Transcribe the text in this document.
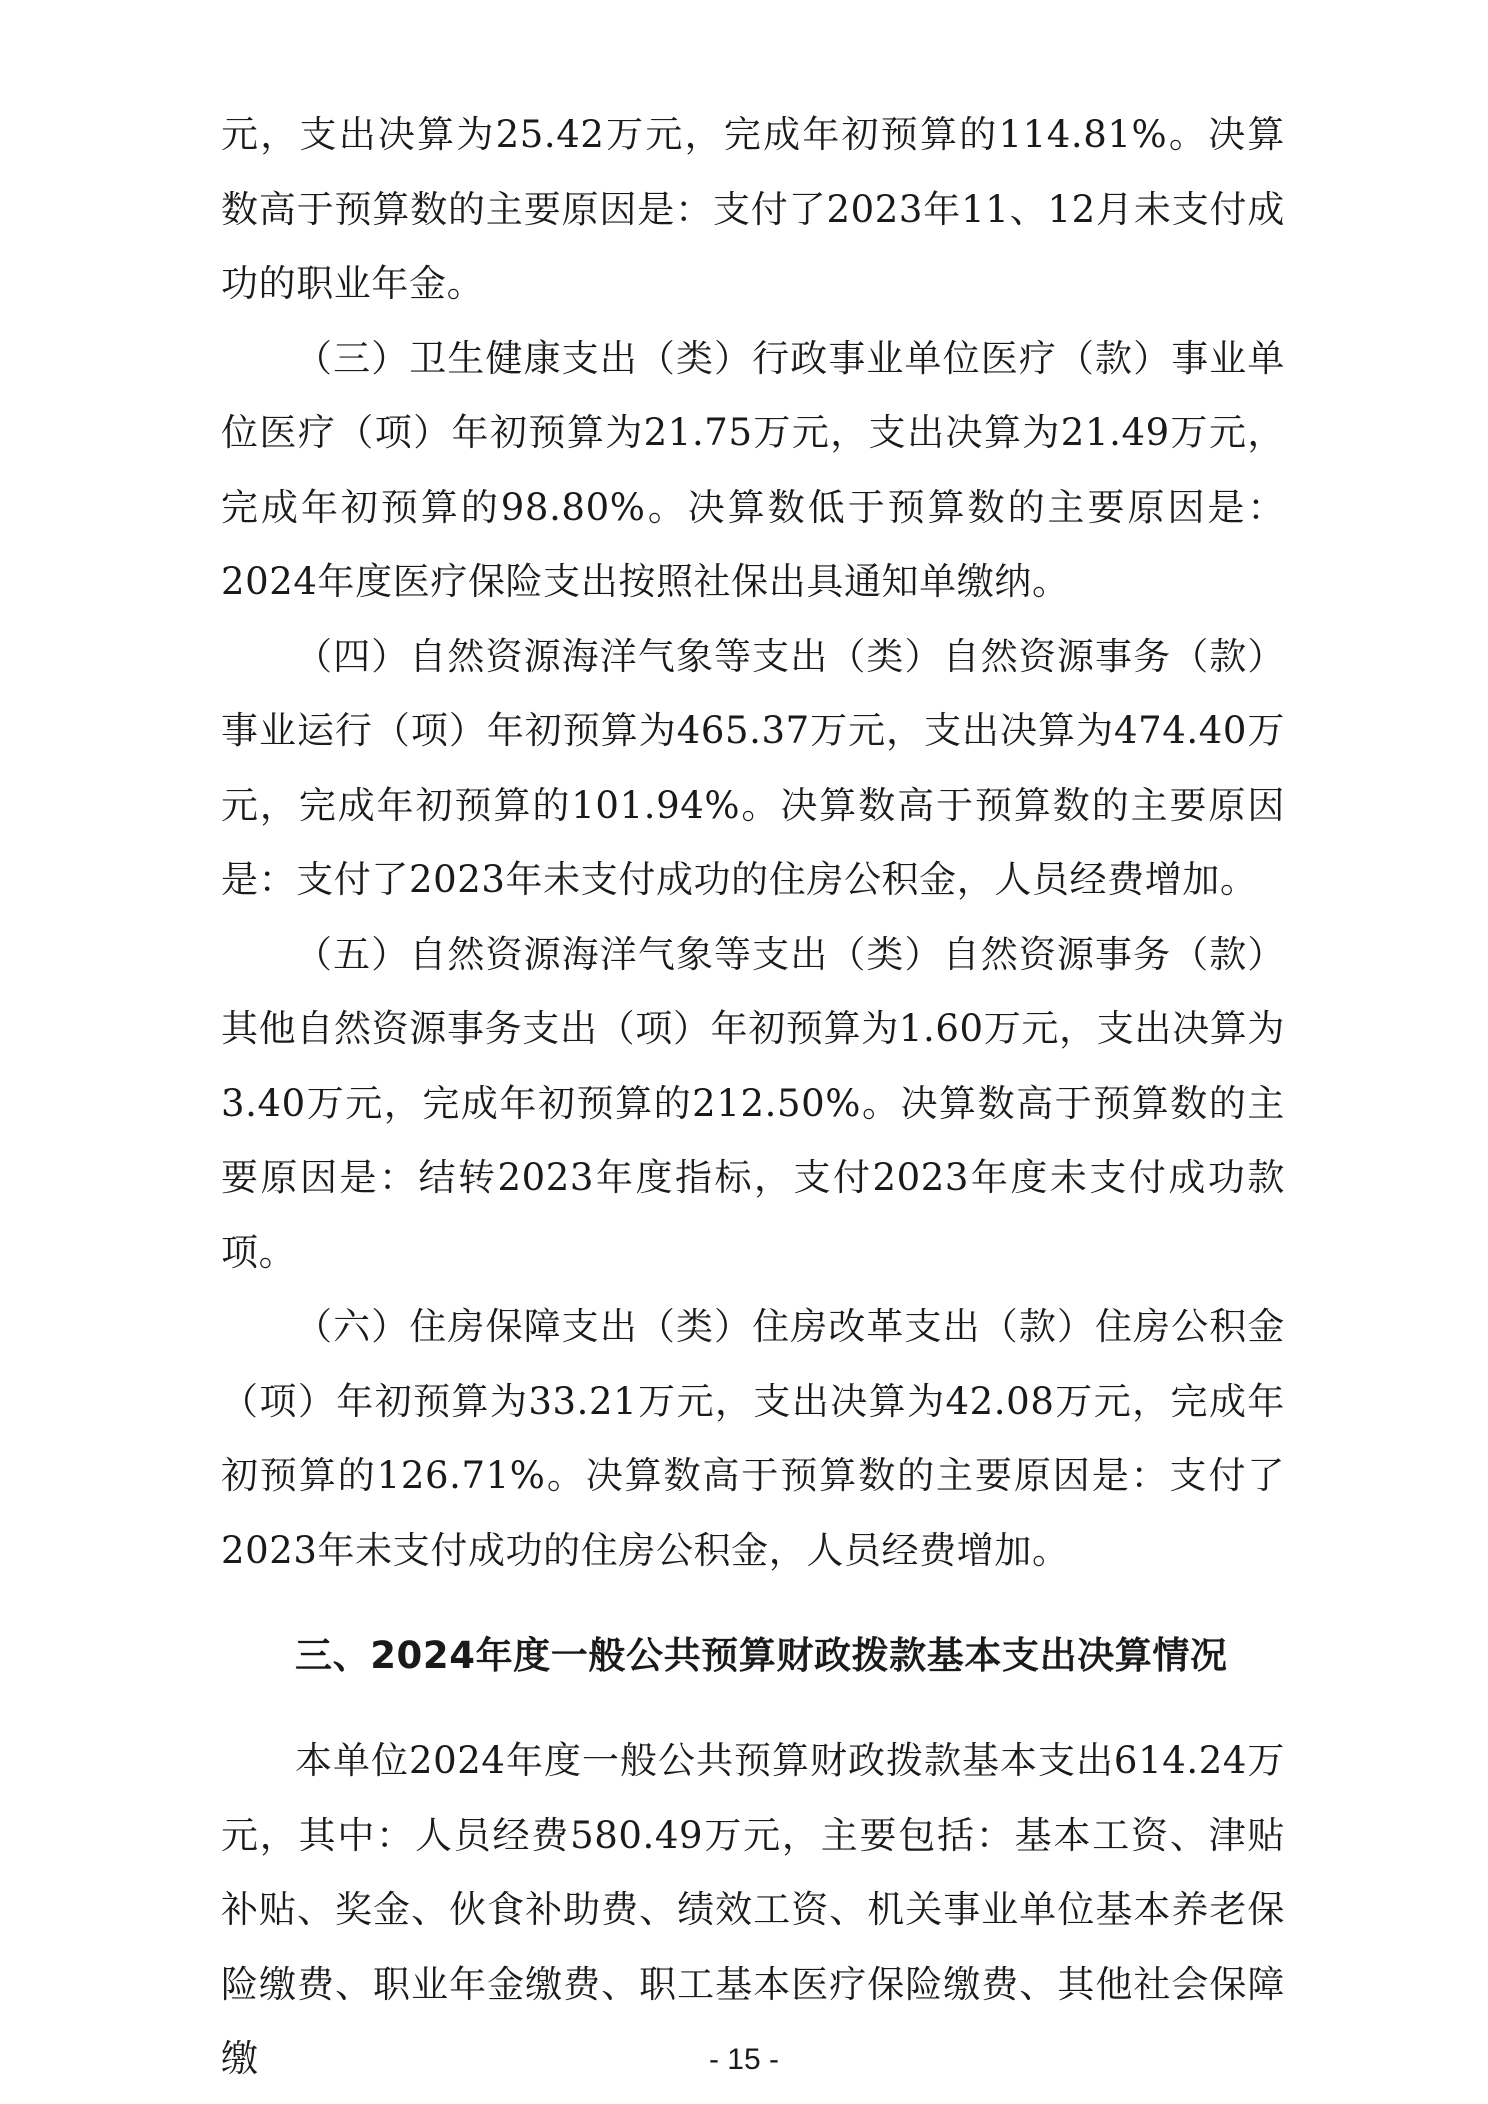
元，支出决算为25.42万元，完成年初预算的114.81%。决算数高于预算数的主要原因是：支付了2023年11、12月未支付成功的职业年金。

（三）卫生健康支出（类）行政事业单位医疗（款）事业单位医疗（项）年初预算为21.75万元，支出决算为21.49万元，完成年初预算的98.80%。决算数低于预算数的主要原因是：2024年度医疗保险支出按照社保出具通知单缴纳。

（四）自然资源海洋气象等支出（类）自然资源事务（款）事业运行（项）年初预算为465.37万元，支出决算为474.40万元，完成年初预算的101.94%。决算数高于预算数的主要原因是：支付了2023年未支付成功的住房公积金，人员经费增加。

（五）自然资源海洋气象等支出（类）自然资源事务（款）其他自然资源事务支出（项）年初预算为1.60万元，支出决算为3.40万元，完成年初预算的212.50%。决算数高于预算数的主要原因是：结转2023年度指标，支付2023年度未支付成功款项。

（六）住房保障支出（类）住房改革支出（款）住房公积金（项）年初预算为33.21万元，支出决算为42.08万元，完成年初预算的126.71%。决算数高于预算数的主要原因是：支付了2023年未支付成功的住房公积金，人员经费增加。

三、2024年度一般公共预算财政拨款基本支出决算情况

本单位2024年度一般公共预算财政拨款基本支出614.24万元，其中：人员经费580.49万元，主要包括：基本工资、津贴补贴、奖金、伙食补助费、绩效工资、机关事业单位基本养老保险缴费、职业年金缴费、职工基本医疗保险缴费、其他社会保障缴	- 15 -
